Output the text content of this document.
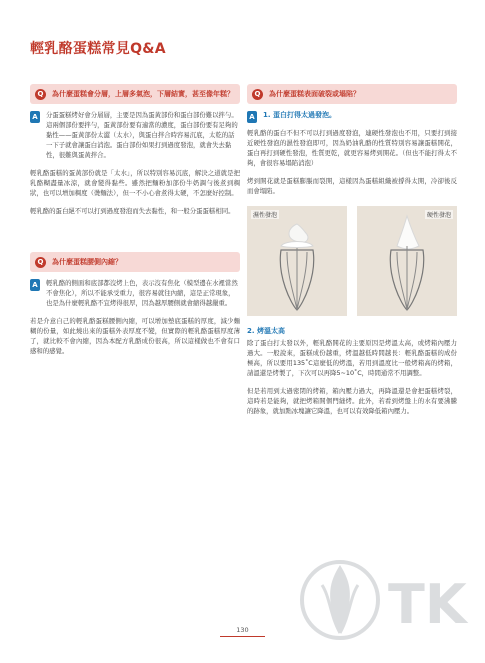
輕乳酪蛋糕常見Q&A
Q	為什麼蛋糕會分層，上層多氣泡，下層結實，甚至像年糕？
A	分蛋蛋糕烤好會分層層，主要是因為蛋黃部份和蛋白部份難以拌勻。這兩個部份要拌勻，蛋黃部份要有適當的濃度，蛋白部份要有足夠的黏性——蛋黃部份太澀（太水），與蛋白拌合時容易沉底，太乾的話一下子就會讓蛋白消泡。蛋白部份如果打到過度發泡，就會失去黏性，很難與蛋黃拌合。
輕乳酪蛋糕的蛋黃部份就是「太水」，所以特別容易沉底，解決之道就是把乳酪糊盡量冰涼，就會變得黏些。雖然把麵粉加部份牛奶調勻後煮到稠狀，也可以增加稠度（燙麵法），但一不小心會煮得太硬，不怎麼好控制。
輕乳酪的蛋白絕不可以打到過度發泡而失去黏性，和一般分蛋蛋糕相同。
Q	為什麼蛋糕腰側內縮？
A	輕乳酪的側面和底部都沒烤上色，表示沒有焦化（模型邊在水裡當然不會焦化），所以不能承受重力，很容易就往內縮，這是正常現象，也是為什麼輕乳酪不宜烤得很厚，因為越厚腰側就會縮得越嚴重。
若是介意自己的輕乳酪蛋糕腰側內縮，可以增加墊底蛋糕的厚度，減少麵糊的份量，如此燒出來的蛋糕外表厚度不變，但實際的輕乳酪蛋糕厚度薄了，就比較不會內縮，因為本配方乳酪成份很高，所以這樣做也不會有口感和的感覺。
Q	為什麼蛋糕表面破裂或塌陷？
A	1. 蛋白打得太過發泡。
輕乳酪的蛋白不但不可以打到過度發泡，連硬性發泡也不用，只要打到接近硬性發泡的濕性發泡即可，因為奶油乳酪的性質特別容易讓蛋糕開花，蛋白再打到硬性發泡，性質更乾，就更容易烤到開花。（但也不能打得太不夠，會很容易塌陷消泡）
烤到開花就是蛋糕膨脹而裂開，這樣因為蛋糕組織被撐得太開，冷卻後反而會塌陷。
濕性發泡	硬性發泡
2. 烤溫太高
除了蛋白打太發以外，輕乳酪開花的主要原因是烤溫太高，或烤箱內壓力過大。一般說來，蛋糕成份越重，烤溫越低時間越長：輕乳酪蛋糕的成份極高，所以要用135˚C這麼低的烤溫，若用到溫度比一般烤箱高的烤箱，請溫還是烤製了，下次可以再降5~10˚C，時間通常不用調整。
但是若用到太過密閉的烤箱，箱內壓力過大，再降溫還是會把蛋糕烤裂，這時若是能夠，就把烤箱開個門縫烤。此外，若看到烤盤上的水有要沸騰的跡象，就加點冰塊讓它降溫，也可以有效降低箱內壓力。
TK
130
